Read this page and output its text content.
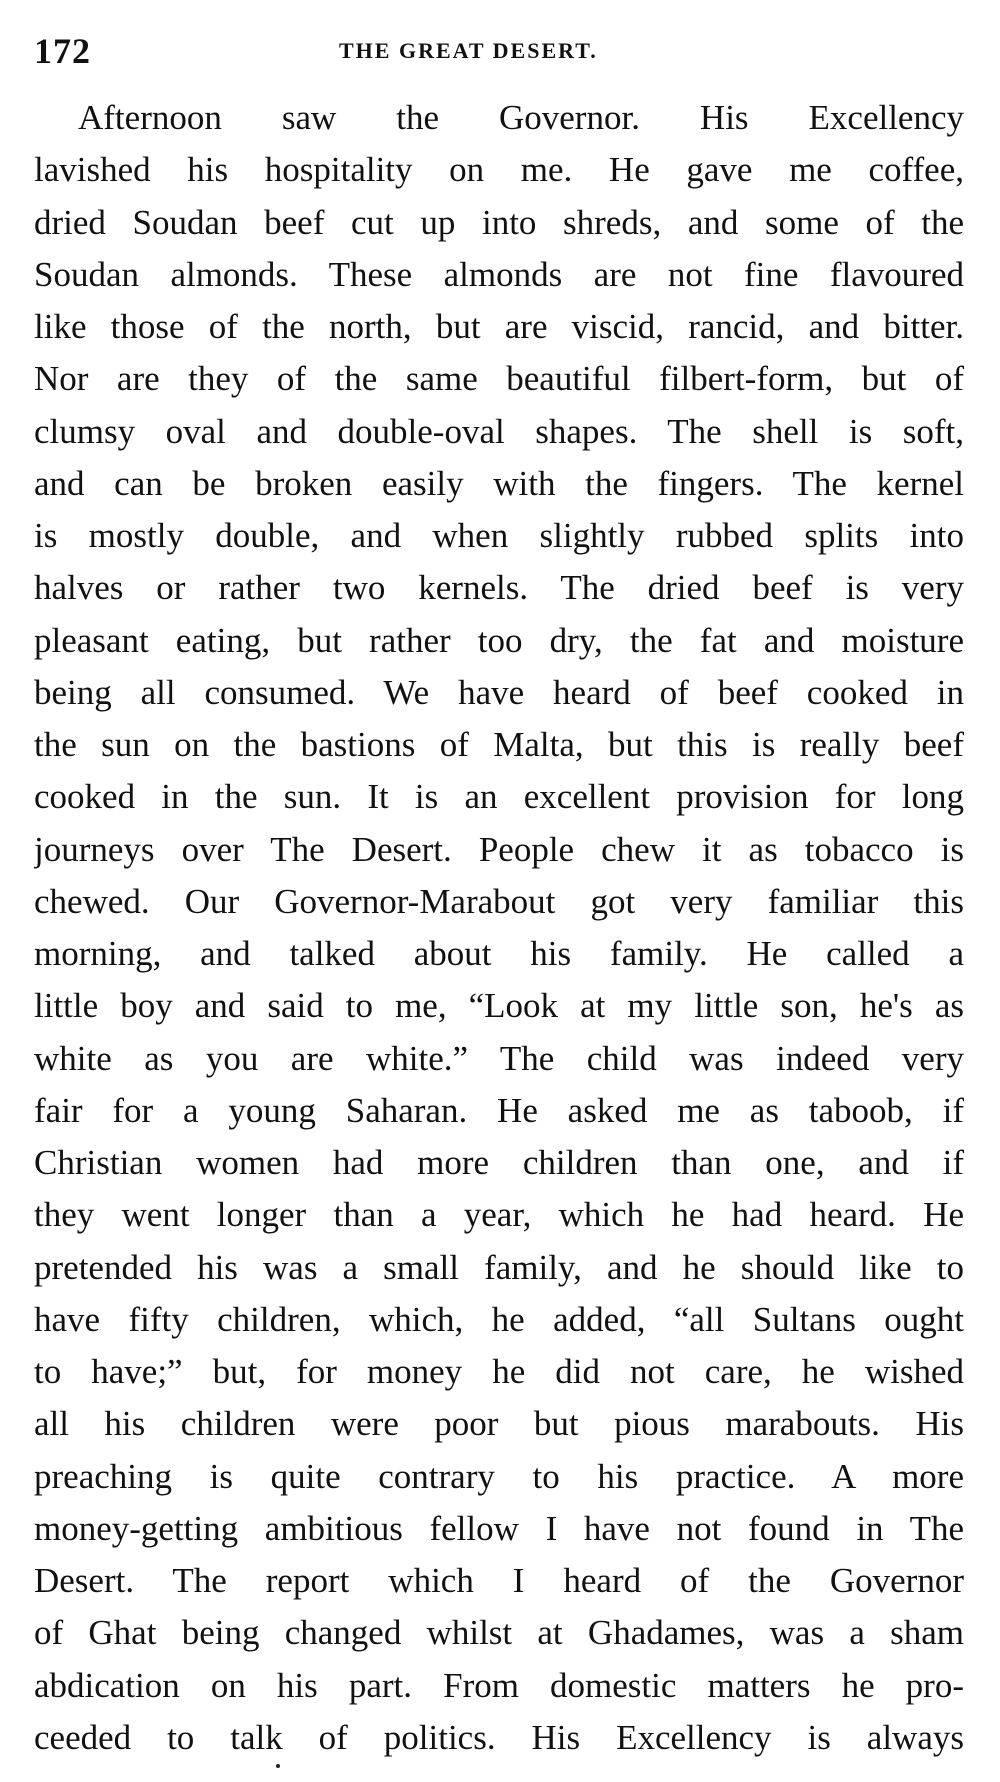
172	THE GREAT DESERT.
Afternoon saw the Governor. His Excellency
lavished his hospitality on me. He gave me coffee,
dried Soudan beef cut up into shreds, and some of the
Soudan almonds. These almonds are not fine flavoured
like those of the north, but are viscid, rancid, and bitter.
Nor are they of the same beautiful filbert-form, but of
clumsy oval and double-oval shapes. The shell is soft,
and can be broken easily with the fingers. The kernel
is mostly double, and when slightly rubbed splits into
halves or rather two kernels. The dried beef is very
pleasant eating, but rather too dry, the fat and moisture
being all consumed. We have heard of beef cooked in
the sun on the bastions of Malta, but this is really beef
cooked in the sun. It is an excellent provision for long
journeys over The Desert. People chew it as tobacco is
chewed. Our Governor-Marabout got very familiar this
morning, and talked about his family. He called a
little boy and said to me, “Look at my little son, he's as
white as you are white.” The child was indeed very
fair for a young Saharan. He asked me as taboob, if
Christian women had more children than one, and if
they went longer than a year, which he had heard. He
pretended his was a small family, and he should like to
have fifty children, which, he added, “all Sultans ought
to have;” but, for money he did not care, he wished
all his children were poor but pious marabouts. His
preaching is quite contrary to his practice. A more
money-getting ambitious fellow I have not found in The
Desert. The report which I heard of the Governor
of Ghat being changed whilst at Ghadames, was a sham
abdication on his part. From domestic matters he pro-
ceeded to talk of politics. His Excellency is always
